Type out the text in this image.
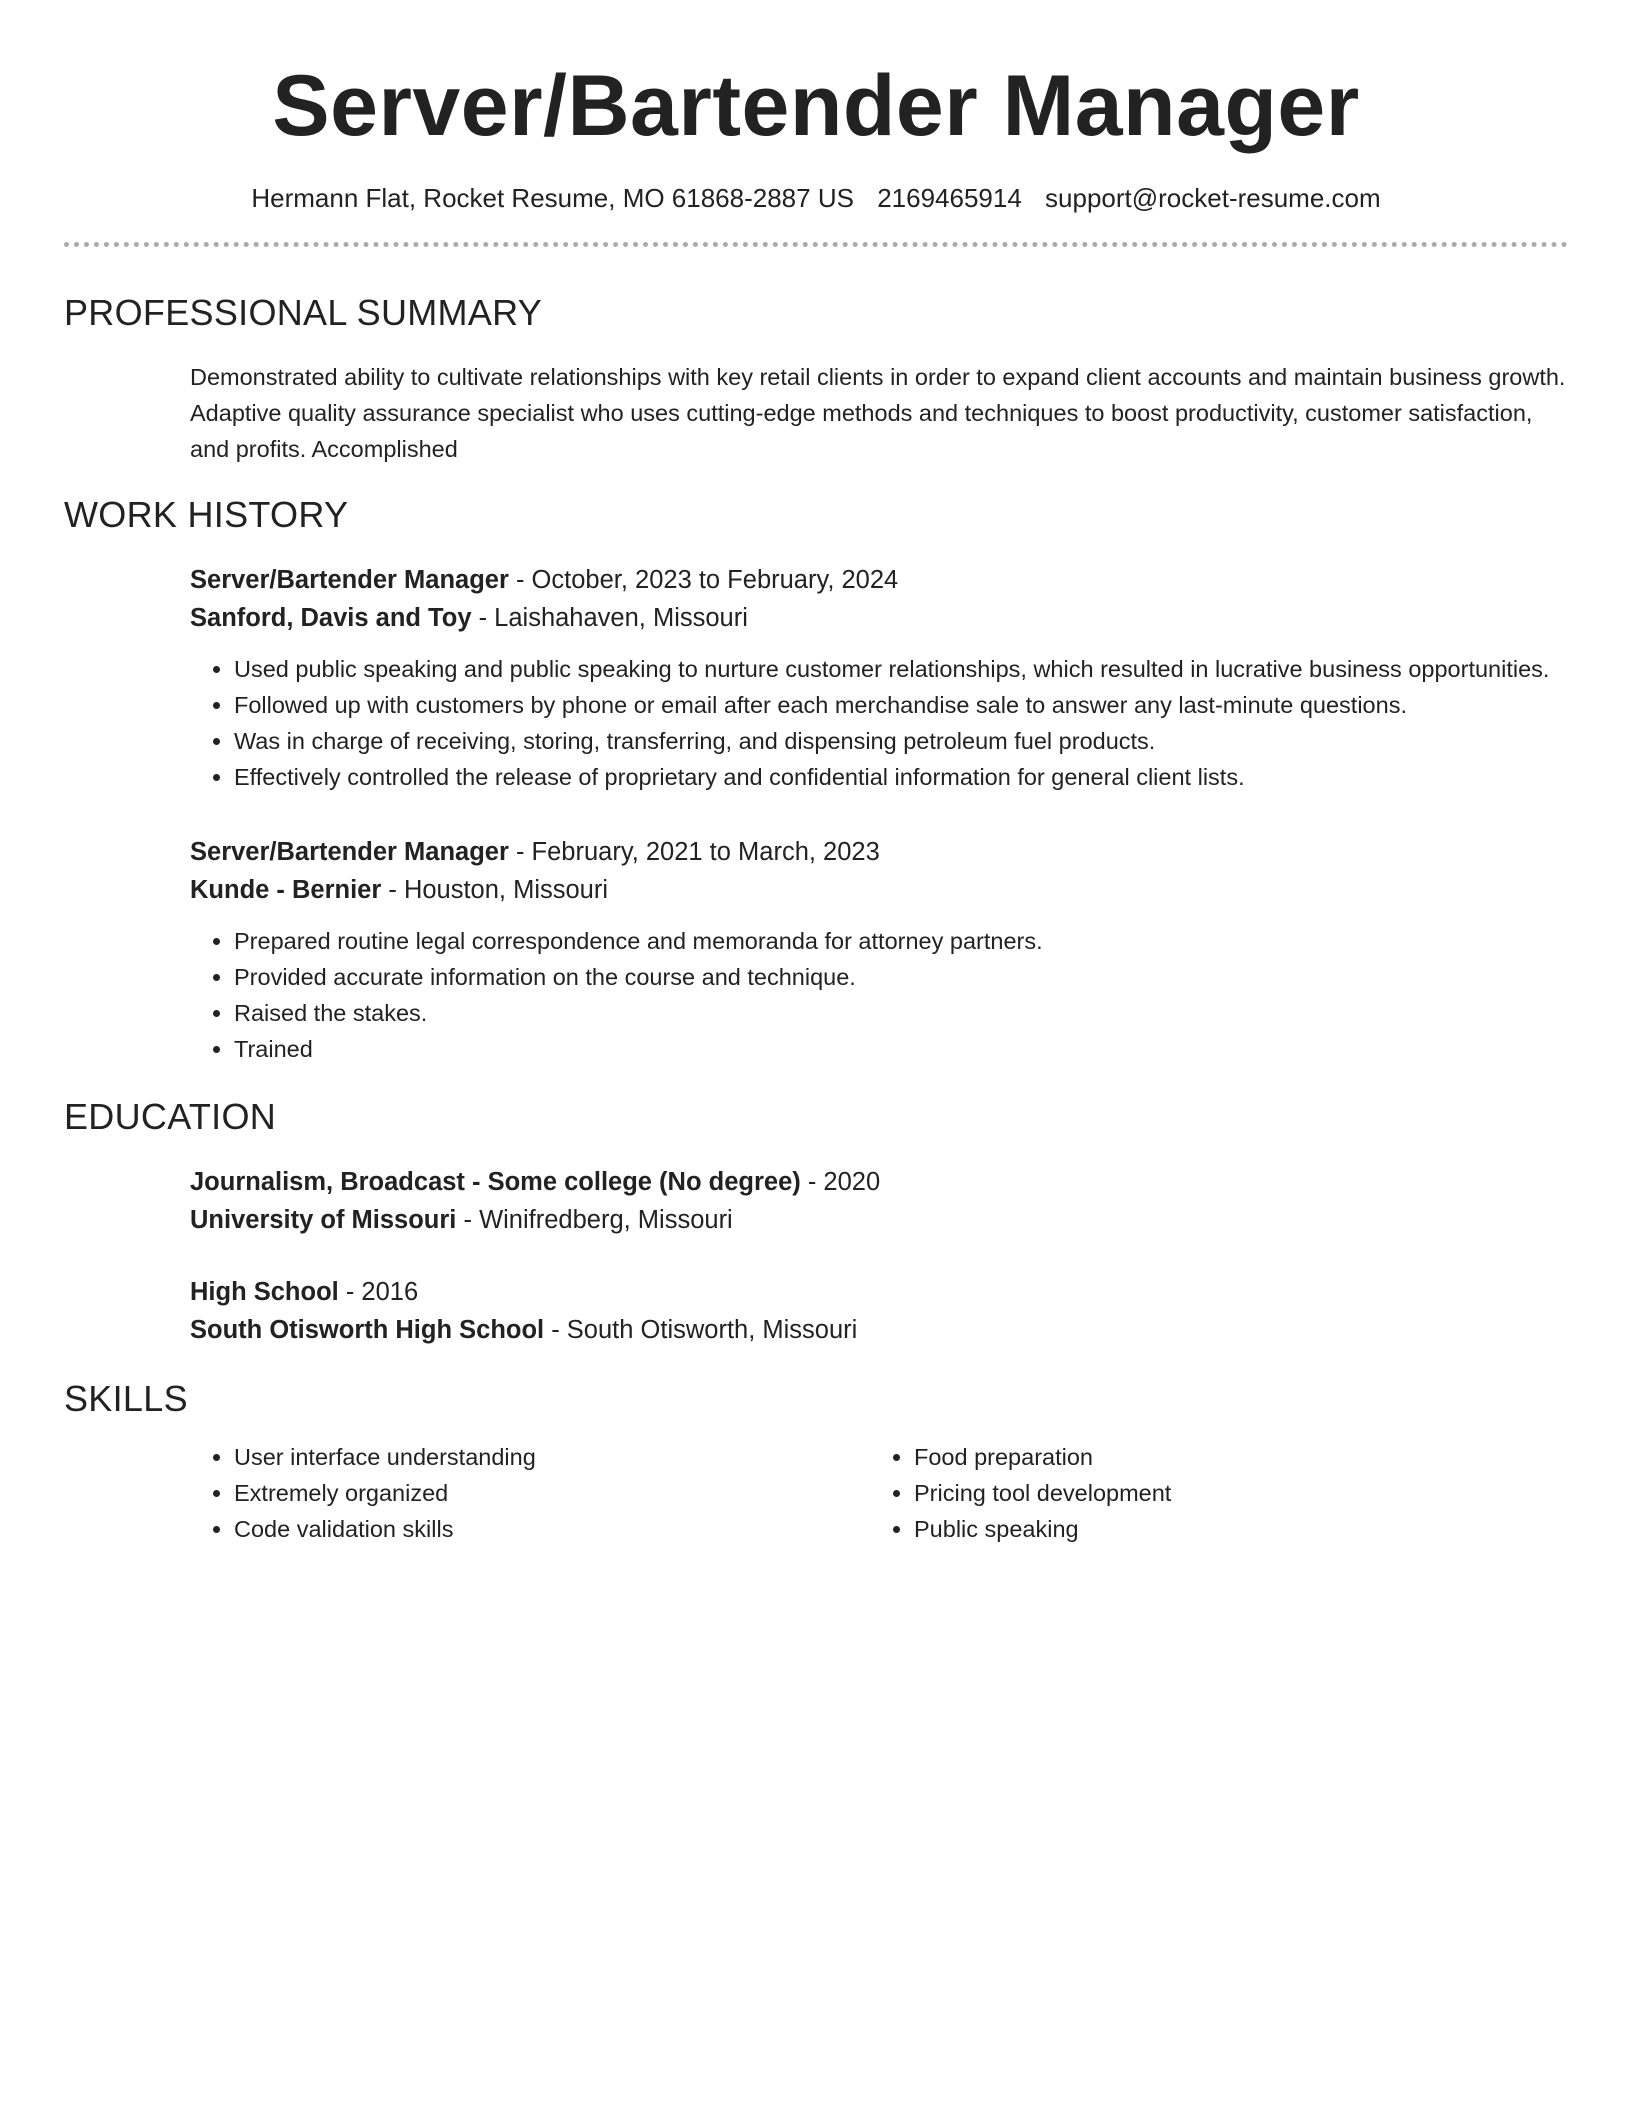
Server/Bartender Manager
Hermann Flat, Rocket Resume, MO 61868-2887 US 2169465914 support@rocket-resume.com
PROFESSIONAL SUMMARY
Demonstrated ability to cultivate relationships with key retail clients in order to expand client accounts and maintain business growth. Adaptive quality assurance specialist who uses cutting-edge methods and techniques to boost productivity, customer satisfaction, and profits. Accomplished
WORK HISTORY
Server/Bartender Manager - October, 2023 to February, 2024
Sanford, Davis and Toy - Laishahaven, Missouri
• Used public speaking and public speaking to nurture customer relationships, which resulted in lucrative business opportunities.
• Followed up with customers by phone or email after each merchandise sale to answer any last-minute questions.
• Was in charge of receiving, storing, transferring, and dispensing petroleum fuel products.
• Effectively controlled the release of proprietary and confidential information for general client lists.
Server/Bartender Manager - February, 2021 to March, 2023
Kunde - Bernier - Houston, Missouri
• Prepared routine legal correspondence and memoranda for attorney partners.
• Provided accurate information on the course and technique.
• Raised the stakes.
• Trained
EDUCATION
Journalism, Broadcast - Some college (No degree) - 2020
University of Missouri - Winifredberg, Missouri
High School - 2016
South Otisworth High School - South Otisworth, Missouri
SKILLS
• User interface understanding
• Extremely organized
• Code validation skills
• Food preparation
• Pricing tool development
• Public speaking
